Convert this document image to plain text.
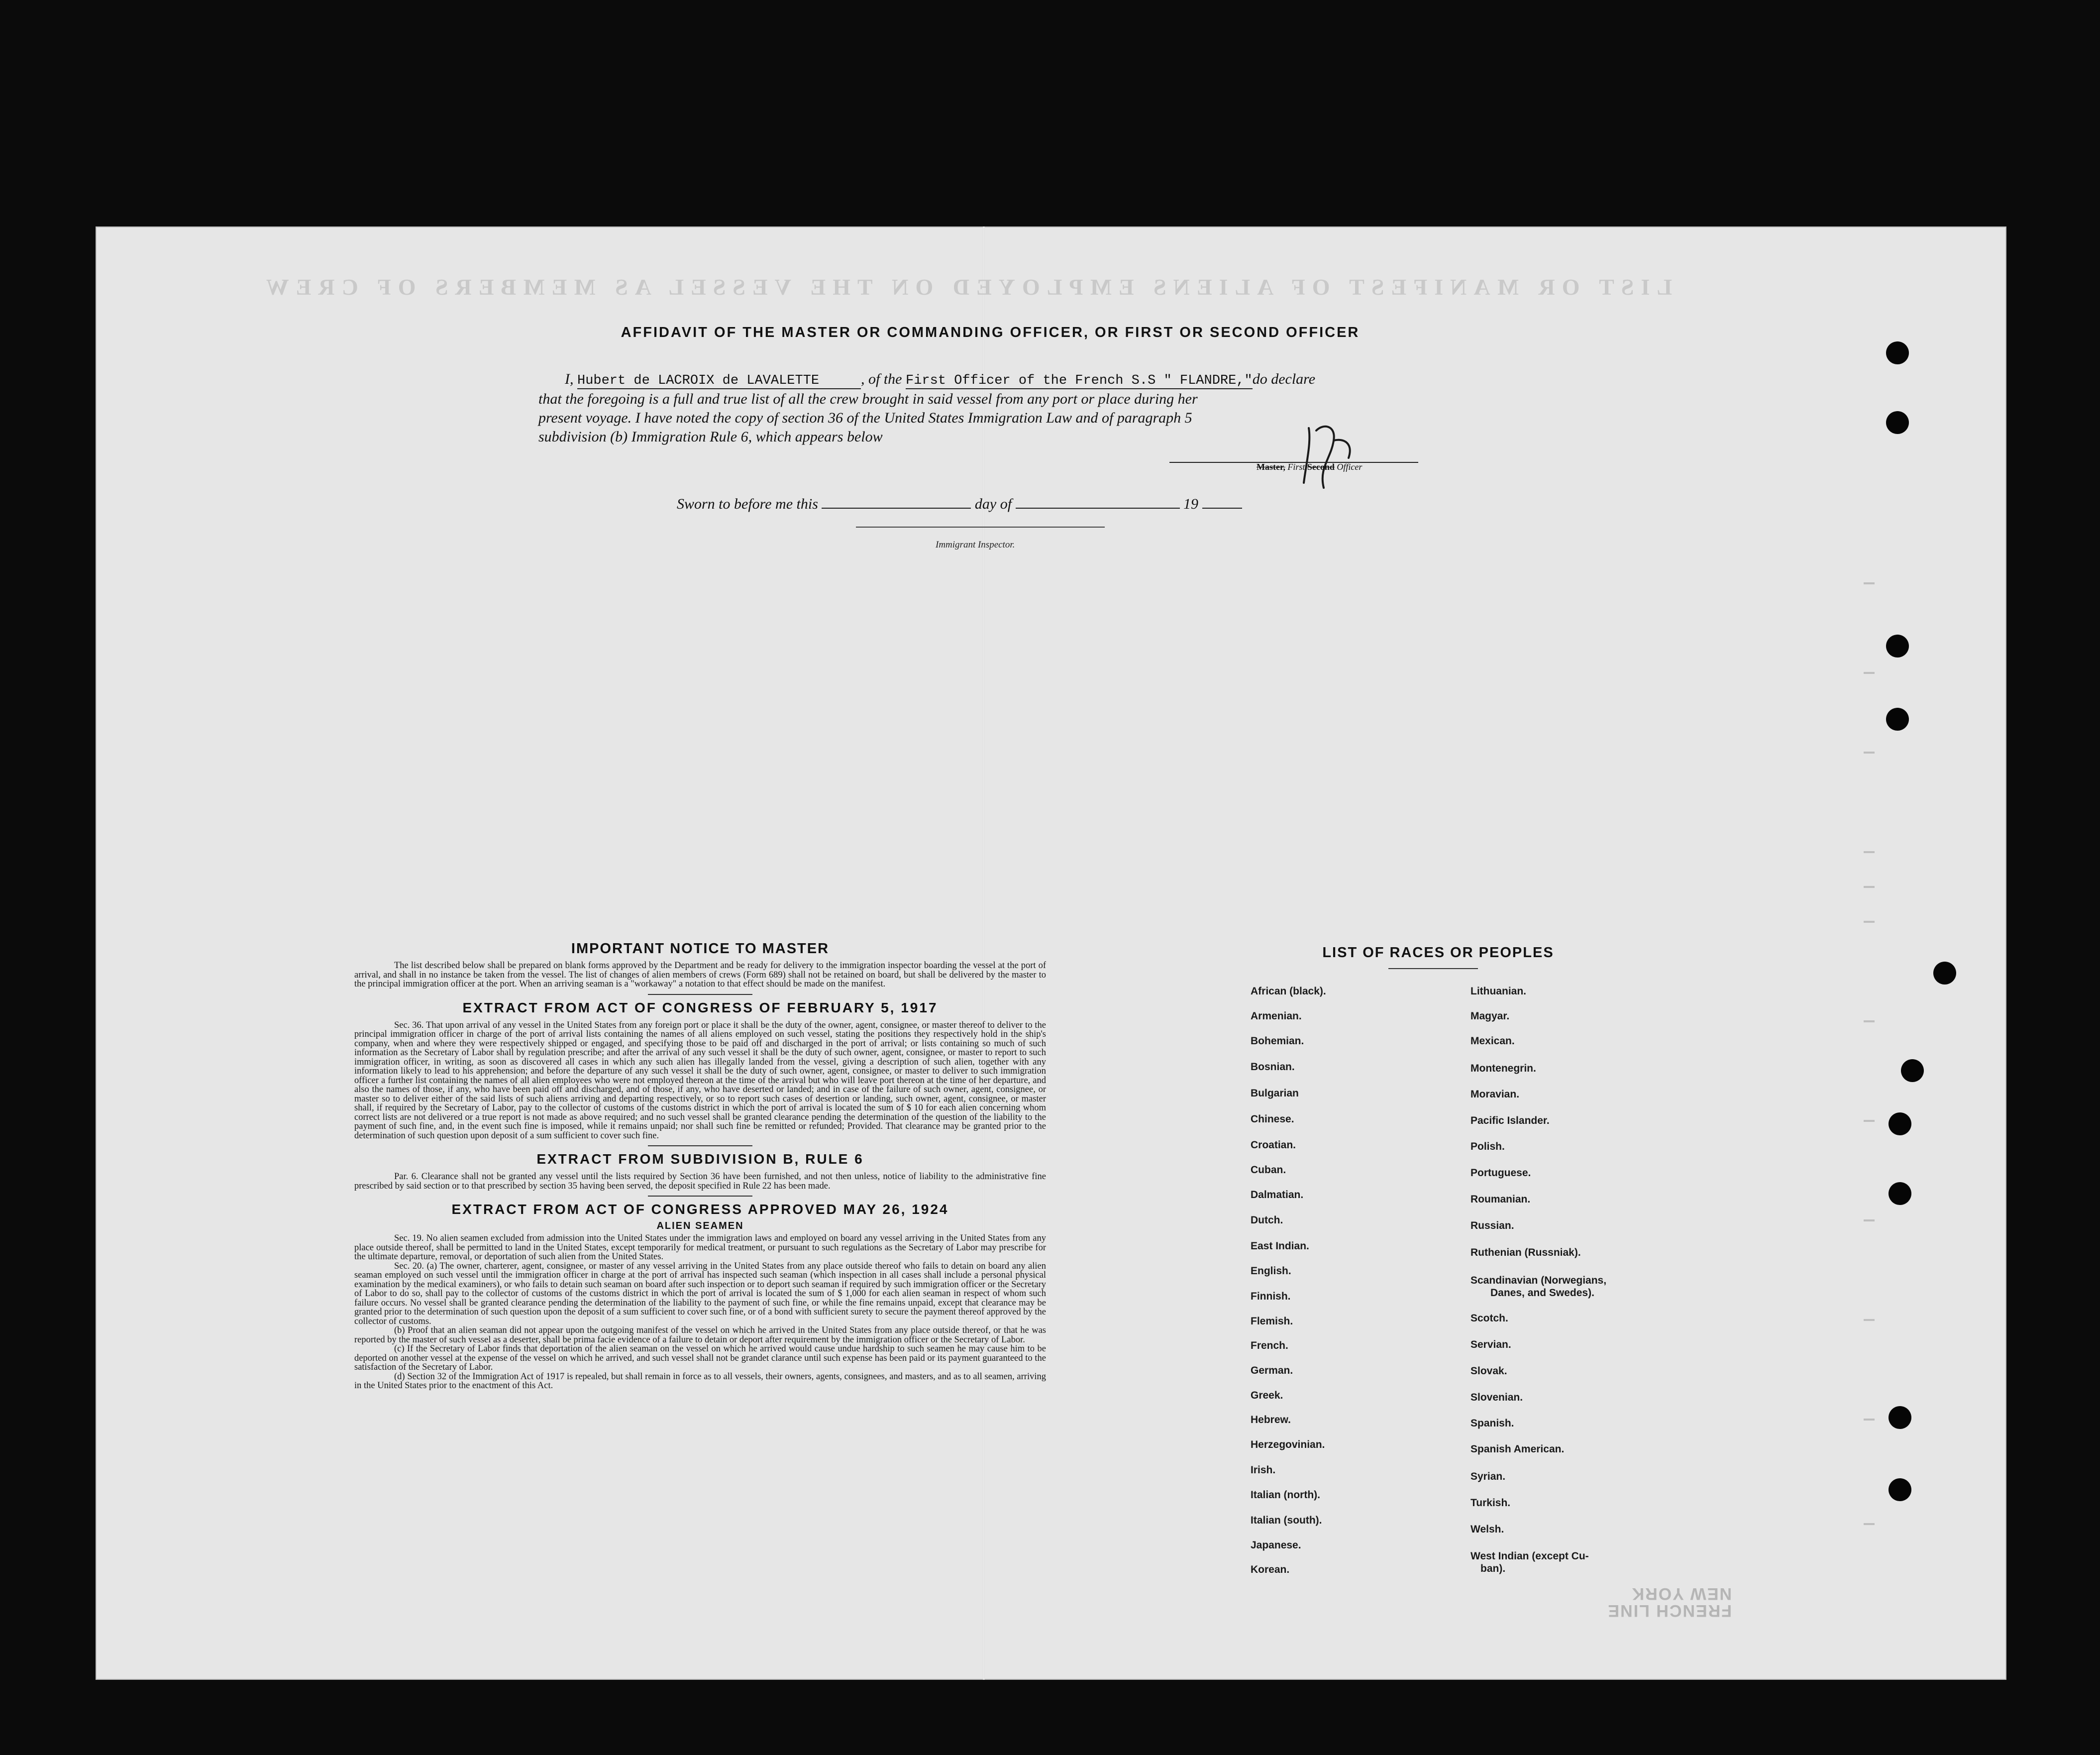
LIST OR MANIFEST OF ALIENS EMPLOYED ON THE VESSEL AS MEMBERS OF CREW
AFFIDAVIT OF THE MASTER OR COMMANDING OFFICER, OR FIRST OR SECOND OFFICER
I, Hubert de LACROIX de LAVALETTE	, of the First Officer of the French S.S " FLANDRE,"do declare
that the foregoing is a full and true list of all the crew brought in said vessel from any port or place during her
present voyage. I have noted the copy of section 36 of the United States Immigration Law and of paragraph 5
subdivision (b) Immigration Rule 6, which appears below
Master, First Second Officer
Sworn to before me this	day of	19
Immigrant Inspector.
IMPORTANT NOTICE TO MASTER

The list described below shall be prepared on blank forms approved by the Department and be ready for delivery to the immigration inspector boarding the vessel at the port of arrival, and shall in no instance be taken from the vessel. The list of changes of alien members of crews (Form 689) shall not be retained on board, but shall be delivered by the master to the principal immigration officer at the port. When an arriving seaman is a "workaway" a notation to that effect should be made on the manifest.

EXTRACT FROM ACT OF CONGRESS OF FEBRUARY 5, 1917

Sec. 36. That upon arrival of any vessel in the United States from any foreign port or place it shall be the duty of the owner, agent, consignee, or master thereof to deliver to the principal immigration officer in charge of the port of arrival lists containing the names of all aliens employed on such vessel, stating the positions they respectively hold in the ship's company, when and where they were respectively shipped or engaged, and specifying those to be paid off and discharged in the port of arrival; or lists containing so much of such information as the Secretary of Labor shall by regulation prescribe; and after the arrival of any such vessel it shall be the duty of such owner, agent, consignee, or master to report to such immigration officer, in writing, as soon as discovered all cases in which any such alien has illegally landed from the vessel, giving a description of such alien, together with any information likely to lead to his apprehension; and before the departure of any such vessel it shall be the duty of such owner, agent, consignee, or master to deliver to such immigration officer a further list containing the names of all alien employees who were not employed thereon at the time of the arrival but who will leave port thereon at the time of her departure, and also the names of those, if any, who have been paid off and discharged, and of those, if any, who have deserted or landed; and in case of the failure of such owner, agent, consignee, or master so to deliver either of the said lists of such aliens arriving and departing respectively, or so to report such cases of desertion or landing, such owner, agent, consignee, or master shall, if required by the Secretary of Labor, pay to the collector of customs of the customs district in which the port of arrival is located the sum of $ 10 for each alien concerning whom correct lists are not delivered or a true report is not made as above required; and no such vessel shall be granted clearance pending the determination of the question of the liability to the payment of such fine, and, in the event such fine is imposed, while it remains unpaid; nor shall such fine be remitted or refunded; Provided. That clearance may be granted prior to the determination of such question upon deposit of a sum sufficient to cover such fine.

EXTRACT FROM SUBDIVISION B, RULE 6

Par. 6. Clearance shall not be granted any vessel until the lists required by Section 36 have been furnished, and not then unless, notice of liability to the administrative fine prescribed by said section or to that prescribed by section 35 having been served, the deposit specified in Rule 22 has been made.

EXTRACT FROM ACT OF CONGRESS APPROVED MAY 26, 1924
ALIEN SEAMEN

Sec. 19. No alien seamen excluded from admission into the United States under the immigration laws and employed on board any vessel arriving in the United States from any place outside thereof, shall be permitted to land in the United States, except temporarily for medical treatment, or pursuant to such regulations as the Secretary of Labor may prescribe for the ultimate departure, removal, or deportation of such alien from the United States.

Sec. 20. (a) The owner, charterer, agent, consignee, or master of any vessel arriving in the United States from any place outside thereof who fails to detain on board any alien seaman employed on such vessel until the immigration officer in charge at the port of arrival has inspected such seaman (which inspection in all cases shall include a personal physical examination by the medical examiners), or who fails to detain such seaman on board after such inspection or to deport such seaman if required by such immigration officer or the Secretary of Labor to do so, shall pay to the collector of customs of the customs district in which the port of arrival is located the sum of $ 1,000 for each alien seaman in respect of whom such failure occurs. No vessel shall be granted clearance pending the determination of the liability to the payment of such fine, or while the fine remains unpaid, except that clearance may be granted prior to the determination of such question upon the deposit of a sum sufficient to cover such fine, or of a bond with sufficient surety to secure the payment thereof approved by the collector of customs.

(b) Proof that an alien seaman did not appear upon the outgoing manifest of the vessel on which he arrived in the United States from any place outside thereof, or that he was reported by the master of such vessel as a deserter, shall be prima facie evidence of a failure to detain or deport after requirement by the immigration officer or the Secretary of Labor.

(c) If the Secretary of Labor finds that deportation of the alien seaman on the vessel on which he arrived would cause undue hardship to such seamen he may cause him to be deported on another vessel at the expense of the vessel on which he arrived, and such vessel shall not be grandet clarance until such expense has been paid or its payment guaranteed to the satisfaction of the Secretary of Labor.

(d) Section 32 of the Immigration Act of 1917 is repealed, but shall remain in force as to all vessels, their owners, agents, consignees, and masters, and as to all seamen, arriving in the United States prior to the enactment of this Act.

LIST OF RACES OR PEOPLES
African (black).
Armenian.
Bohemian.
Bosnian.
Bulgarian
Chinese.
Croatian.
Cuban.
Dalmatian.
Dutch.
East Indian.
English.
Finnish.
Flemish.
French.
German.
Greek.
Hebrew.
Herzegovinian.
Irish.
Italian (north).
Italian (south).
Japanese.
Korean.
Lithuanian.
Magyar.
Mexican.
Montenegrin.
Moravian.
Pacific Islander.
Polish.
Portuguese.
Roumanian.
Russian.
Ruthenian (Russniak).
Scandinavian (Norwegians,
Danes, and Swedes).
Scotch.
Servian.
Slovak.
Slovenian.
Spanish.
Spanish American.
Syrian.
Turkish.
Welsh.
West Indian (except Cu-
ban).
FRENCH LINE NEW YORK
